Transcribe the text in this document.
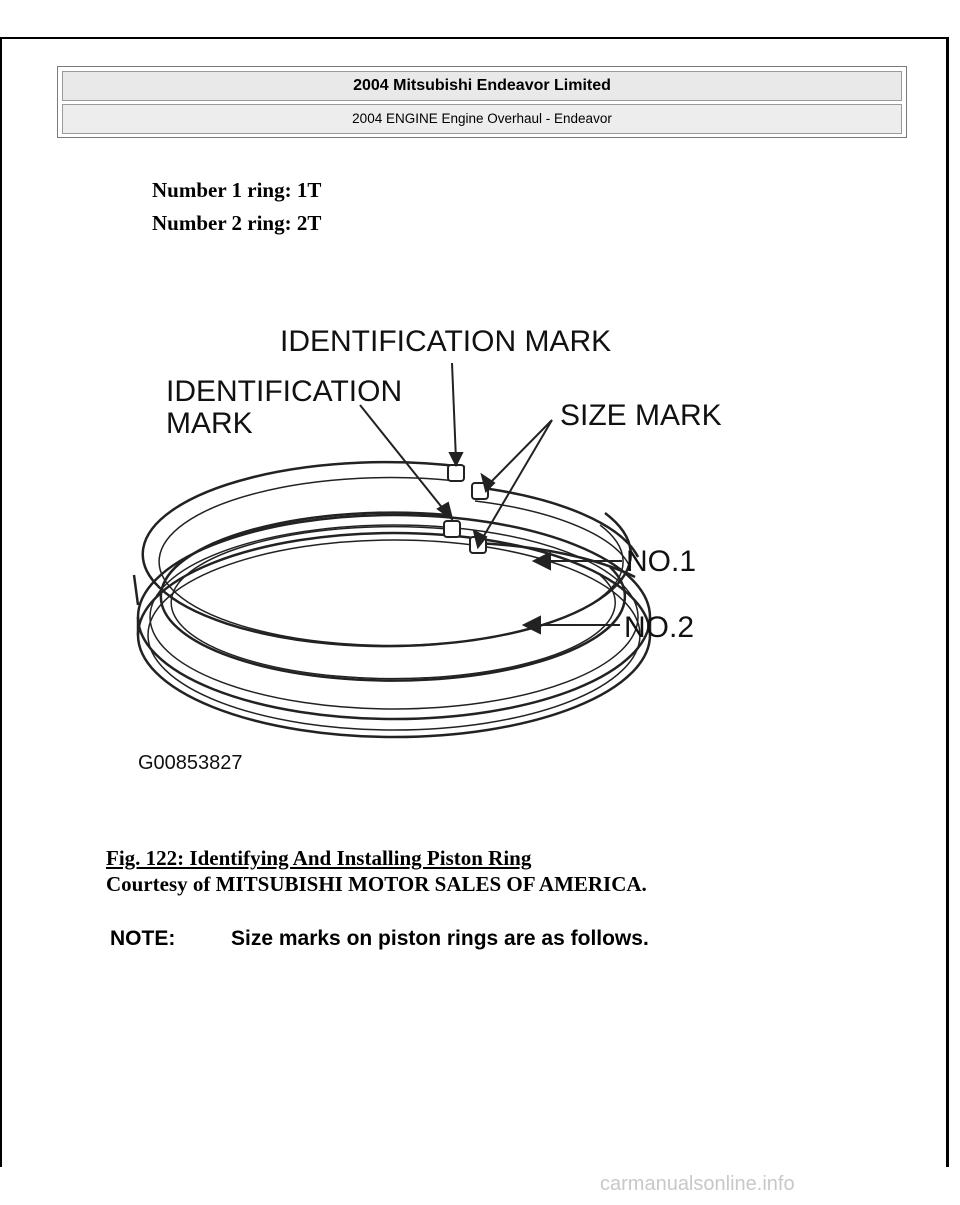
2004 Mitsubishi Endeavor Limited
2004 ENGINE Engine Overhaul - Endeavor
Number 1 ring: 1T
Number 2 ring: 2T
IDENTIFICATION MARK
IDENTIFICATION
MARK	SIZE MARK
NO.1
NO.2
G00853827
Fig. 122: Identifying And Installing Piston Ring
Courtesy of MITSUBISHI MOTOR SALES OF AMERICA.
NOTE:	Size marks on piston rings are as follows.
carmanualsonline.info
